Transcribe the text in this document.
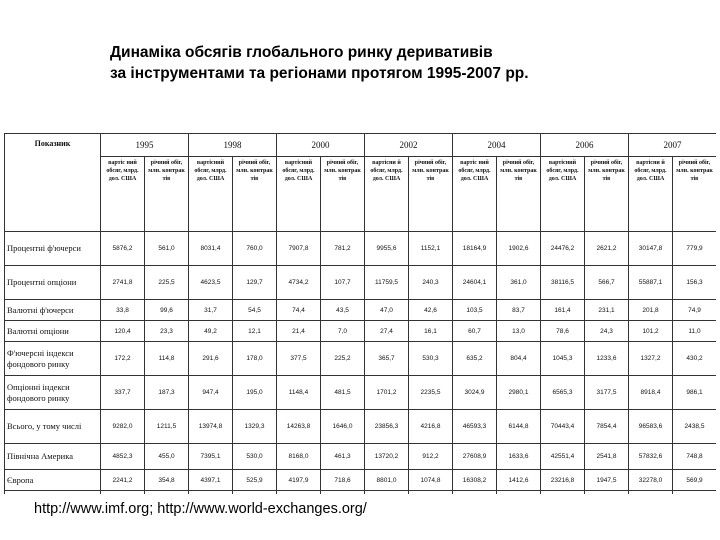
Динаміка обсягів глобального ринку деривативів
за інструментами та регіонами протягом 1995-2007 рр.
Показник	1995		1998		2000		2002		2004		2006		2007	
	вартіс ний обсяг, млрд. дол. США	річний обіг, млн. контрак тів	вартісний обсяг, млрд. дол. США	річний обіг, млн. контрак тів	вартісний обсяг, млрд. дол. США	річний обіг, млн. контрак тів	вартісни й обсяг, млрд. дол. США	річний обіг, млн. контрак тів	вартіс ний обсяг, млрд. дол. США	річний обіг, млн. контрак тів	вартісний обсяг, млрд. дол. США	річний обіг, млн. контрак тів	вартісни й обсяг, млрд. дол. США	річний обіг, млн. контрак тів
Процентні ф'ючерси	5876,2	561,0	8031,4	760,0	7907,8	781,2	9955,6	1152,1	18164,9	1902,6	24476,2	2621,2	30147,8	779,9
Процентні опціони	2741,8	225,5	4623,5	129,7	4734,2	107,7	11759,5	240,3	24604,1	361,0	38116,5	566,7	55887,1	156,3
Валютні ф'ючерси	33,8	99,6	31,7	54,5	74,4	43,5	47,0	42,6	103,5	83,7	161,4	231,1	201,8	74,9
Валютні опціони	120,4	23,3	49,2	12,1	21,4	7,0	27,4	16,1	60,7	13,0	78,6	24,3	101,2	11,0
Ф'ючерсні індекси фондового ринку	172,2	114,8	291,6	178,0	377,5	225,2	365,7	530,3	635,2	804,4	1045,3	1233,6	1327,2	430,2
Опціонні індекси фондового ринку	337,7	187,3	947,4	195,0	1148,4	481,5	1701,2	2235,5	3024,9	2980,1	6565,3	3177,5	8918,4	986,1
Всього, у тому числі	9282,0	1211,5	13974,8	1329,3	14263,8	1646,0	23856,3	4216,8	46593,3	6144,8	70443,4	7854,4	96583,6	2438,5
Північна Америка	4852,3	455,0	7395,1	530,0	8168,0	461,3	13720,2	912,2	27608,9	1633,6	42551,4	2541,8	57832,6	748,8
Європа	2241,2	354,8	4397,1	525,9	4197,9	718,6	8801,0	1074,8	16308,2	1412,6	23216,8	1947,5	32278,0	569,9

http://www.imf.org; http://www.world-exchanges.org/
